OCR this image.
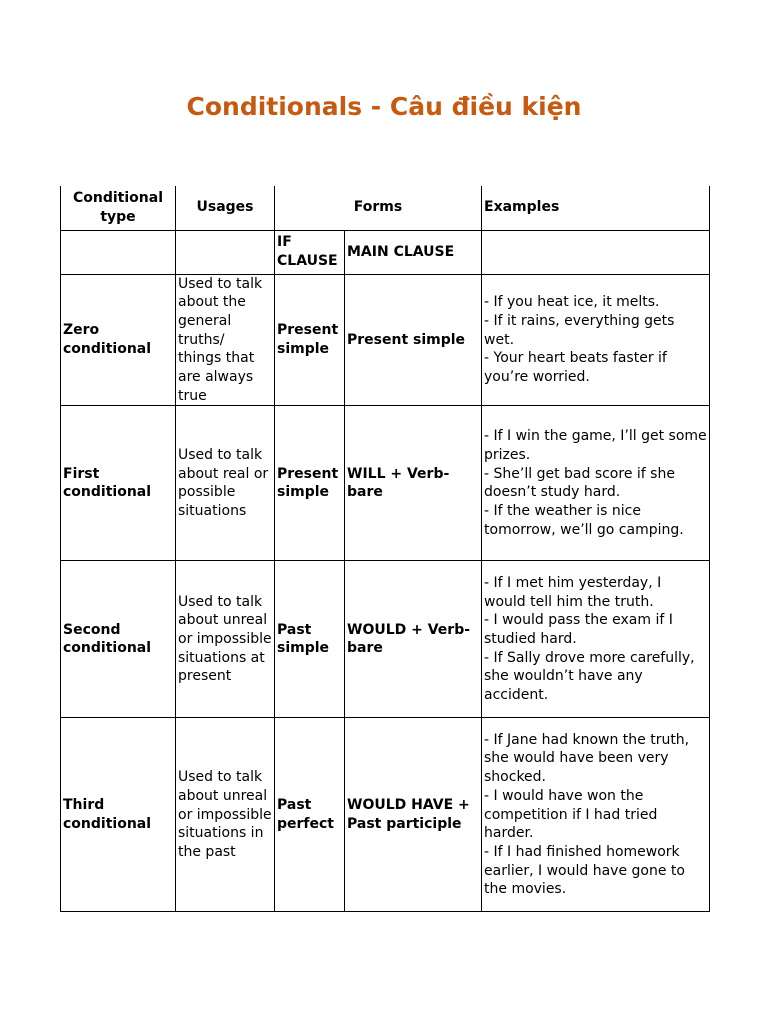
Conditionals - Câu điều kiện
Conditional type	Usages	Forms		Examples
		IF CLAUSE	MAIN CLAUSE	
Zero conditional	Used to talk about the general truths/ things that are always true	Present simple	Present simple	- If you heat ice, it melts.
- If it rains, everything gets wet.
- Your heart beats faster if you’re worried.
First conditional	Used to talk about real or possible situations	Present simple	WILL + Verb-bare	- If I win the game, I’ll get some prizes.
- She’ll get bad score if she doesn’t study hard.
- If the weather is nice tomorrow, we’ll go camping.
Second conditional	Used to talk about unreal or impossible situations at present	Past simple	WOULD + Verb-bare	- If I met him yesterday, I would tell him the truth.
- I would pass the exam if I studied hard.
- If Sally drove more carefully, she wouldn’t have any accident.
Third conditional	Used to talk about unreal or impossible situations in the past	Past perfect	WOULD HAVE + Past participle	- If Jane had known the truth, she would have been very shocked.
- I would have won the competition if I had tried harder.
- If I had finished homework earlier, I would have gone to the movies.
